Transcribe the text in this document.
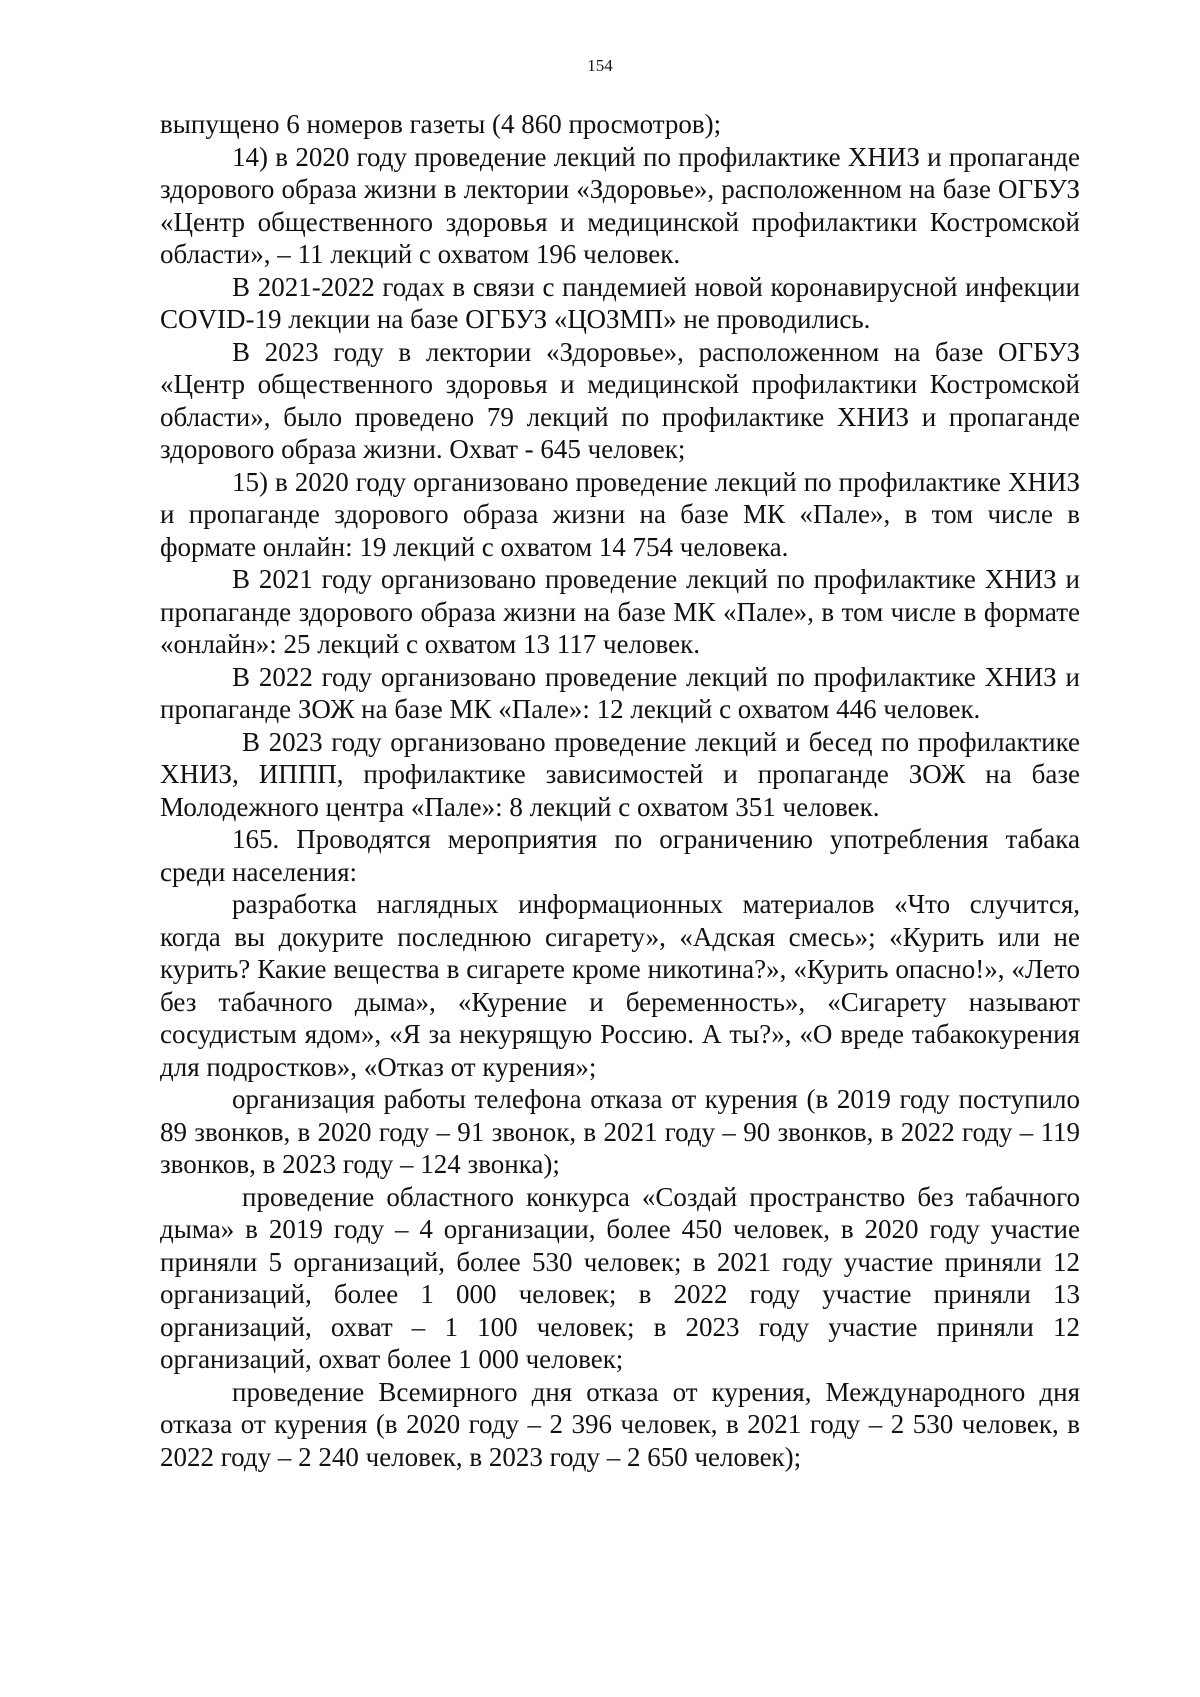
154

выпущено 6 номеров газеты (4 860 просмотров);

14) в 2020 году проведение лекций по профилактике ХНИЗ и пропаганде здорового образа жизни в лектории «Здоровье», расположенном на базе ОГБУЗ «Центр общественного здоровья и медицинской профилактики Костромской области», – 11 лекций с охватом 196 человек.

В 2021-2022 годах в связи с пандемией новой коронавирусной инфекции COVID-19 лекции на базе ОГБУЗ «ЦОЗМП» не проводились.

В 2023 году в лектории «Здоровье», расположенном на базе ОГБУЗ «Центр общественного здоровья и медицинской профилактики Костромской области», было проведено 79 лекций по профилактике ХНИЗ и пропаганде здорового образа жизни. Охват - 645 человек;

15) в 2020 году организовано проведение лекций по профилактике ХНИЗ и пропаганде здорового образа жизни на базе МК «Пале», в том числе в формате онлайн: 19 лекций с охватом 14 754 человека.

В 2021 году организовано проведение лекций по профилактике ХНИЗ и пропаганде здорового образа жизни на базе МК «Пале», в том числе в формате «онлайн»: 25 лекций с охватом 13 117 человек.

В 2022 году организовано проведение лекций по профилактике ХНИЗ и пропаганде ЗОЖ на базе МК «Пале»: 12 лекций с охватом 446 человек.

В 2023 году организовано проведение лекций и бесед по профилактике ХНИЗ, ИППП, профилактике зависимостей и пропаганде ЗОЖ на базе Молодежного центра «Пале»: 8 лекций с охватом 351 человек.

165. Проводятся мероприятия по ограничению употребления табака среди населения:

разработка наглядных информационных материалов «Что случится, когда вы докурите последнюю сигарету», «Адская смесь»; «Курить или не курить? Какие вещества в сигарете кроме никотина?», «Курить опасно!», «Лето без табачного дыма», «Курение и беременность», «Сигарету называют сосудистым ядом», «Я за некурящую Россию. А ты?», «О вреде табакокурения для подростков», «Отказ от курения»;

организация работы телефона отказа от курения (в 2019 году поступило 89 звонков, в 2020 году – 91 звонок, в 2021 году – 90 звонков, в 2022 году – 119 звонков, в 2023 году – 124 звонка);

проведение областного конкурса «Создай пространство без табачного дыма» в 2019 году – 4 организации, более 450 человек, в 2020 году участие приняли 5 организаций, более 530 человек; в 2021 году участие приняли 12 организаций, более 1 000 человек; в 2022 году участие приняли 13 организаций, охват – 1 100 человек; в 2023 году участие приняли 12 организаций, охват более 1 000 человек;

проведение Всемирного дня отказа от курения, Международного дня отказа от курения (в 2020 году – 2 396 человек, в 2021 году – 2 530 человек, в 2022 году – 2 240 человек, в 2023 году – 2 650 человек);
